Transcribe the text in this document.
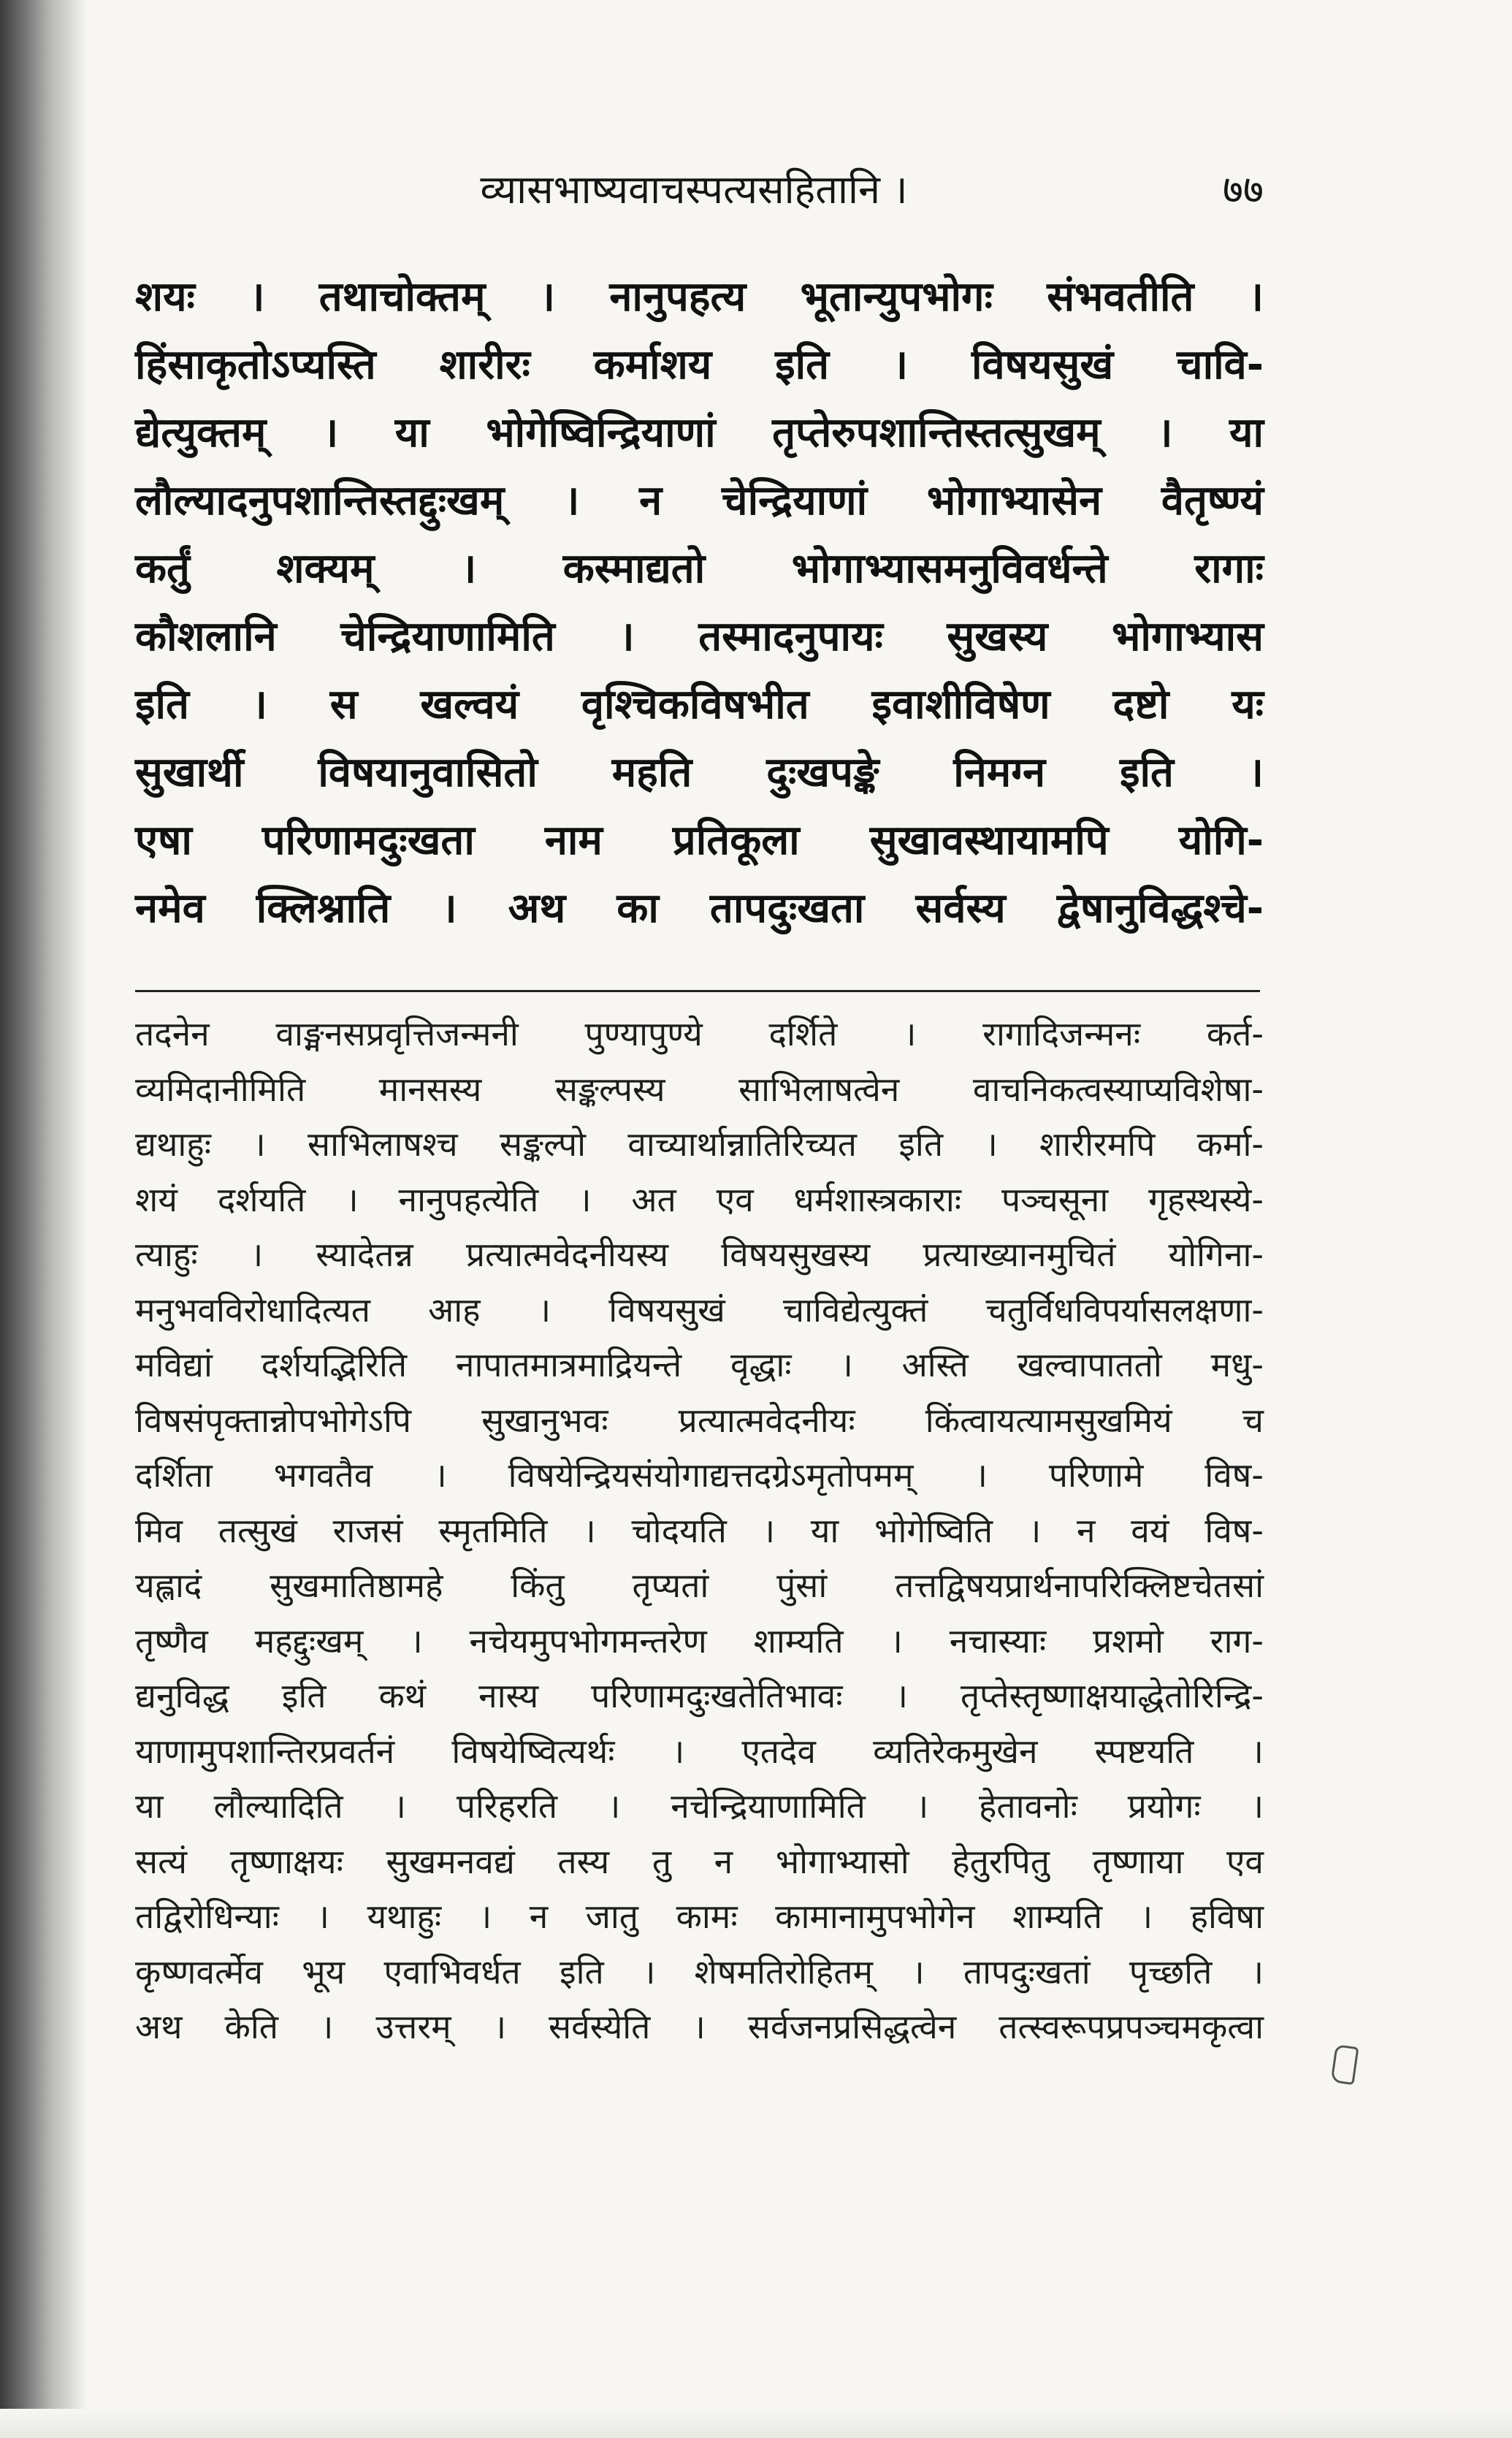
व्यासभाष्यवाचस्पत्यसहितानि ।	७७
शयः । तथाचोक्तम् । नानुपहत्य भूतान्युपभोगः संभवतीति ।
हिंसाकृतोऽप्यस्ति शारीरः कर्माशय इति । विषयसुखं चावि-
द्येत्युक्तम् । या भोगेष्विन्द्रियाणां तृप्तेरुपशान्तिस्तत्सुखम् । या
लौल्यादनुपशान्तिस्तद्दुःखम् । न चेन्द्रियाणां भोगाभ्यासेन वैतृष्ण्यं
कर्तुं शक्यम् । कस्माद्यतो भोगाभ्यासमनुविवर्धन्ते रागाः
कौशलानि चेन्द्रियाणामिति । तस्मादनुपायः सुखस्य भोगाभ्यास
इति । स खल्वयं वृश्चिकविषभीत इवाशीविषेण दष्टो यः
सुखार्थी विषयानुवासितो महति दुःखपङ्के निमग्न इति ।
एषा परिणामदुःखता नाम प्रतिकूला सुखावस्थायामपि योगि-
नमेव क्लिश्नाति । अथ का तापदुःखता सर्वस्य द्वेषानुविद्धश्चे-
तदनेन वाङ्मनसप्रवृत्तिजन्मनी पुण्यापुण्ये दर्शिते । रागादिजन्मनः कर्त-
व्यमिदानीमिति मानसस्य सङ्कल्पस्य साभिलाषत्वेन वाचनिकत्वस्याप्यविशेषा-
द्यथाहुः । साभिलाषश्च सङ्कल्पो वाच्यार्थान्नातिरिच्यत इति । शारीरमपि कर्मा-
शयं दर्शयति । नानुपहत्येति । अत एव धर्मशास्त्रकाराः पञ्चसूना गृहस्थस्ये-
त्याहुः । स्यादेतन्न प्रत्यात्मवेदनीयस्य विषयसुखस्य प्रत्याख्यानमुचितं योगिना-
मनुभवविरोधादित्यत आह । विषयसुखं चाविद्येत्युक्तं चतुर्विधविपर्यासलक्षणा-
मविद्यां दर्शयद्भिरिति नापातमात्रमाद्रियन्ते वृद्धाः । अस्ति खल्वापाततो मधु-
विषसंपृक्तान्नोपभोगेऽपि सुखानुभवः प्रत्यात्मवेदनीयः किंत्वायत्यामसुखमियं च
दर्शिता भगवतैव । विषयेन्द्रियसंयोगाद्यत्तदग्रेऽमृतोपमम् । परिणामे विष-
मिव तत्सुखं राजसं स्मृतमिति । चोदयति । या भोगेष्विति । न वयं विष-
यह्लादं सुखमातिष्ठामहे किंतु तृप्यतां पुंसां तत्तद्विषयप्रार्थनापरिक्लिष्टचेतसां
तृष्णैव महद्दुःखम् । नचेयमुपभोगमन्तरेण शाम्यति । नचास्याः प्रशमो राग-
द्यनुविद्ध इति कथं नास्य परिणामदुःखतेतिभावः । तृप्तेस्तृष्णाक्षयाद्धेतोरिन्द्रि-
याणामुपशान्तिरप्रवर्तनं विषयेष्वित्यर्थः । एतदेव व्यतिरेकमुखेन स्पष्टयति ।
या लौल्यादिति । परिहरति । नचेन्द्रियाणामिति । हेतावनोः प्रयोगः ।
सत्यं तृष्णाक्षयः सुखमनवद्यं तस्य तु न भोगाभ्यासो हेतुरपितु तृष्णाया एव
तद्विरोधिन्याः । यथाहुः । न जातु कामः कामानामुपभोगेन शाम्यति । हविषा
कृष्णवर्त्मेव भूय एवाभिवर्धत इति । शेषमतिरोहितम् । तापदुःखतां पृच्छति ।
अथ केति । उत्तरम् । सर्वस्येति । सर्वजनप्रसिद्धत्वेन तत्स्वरूपप्रपञ्चमकृत्वा
